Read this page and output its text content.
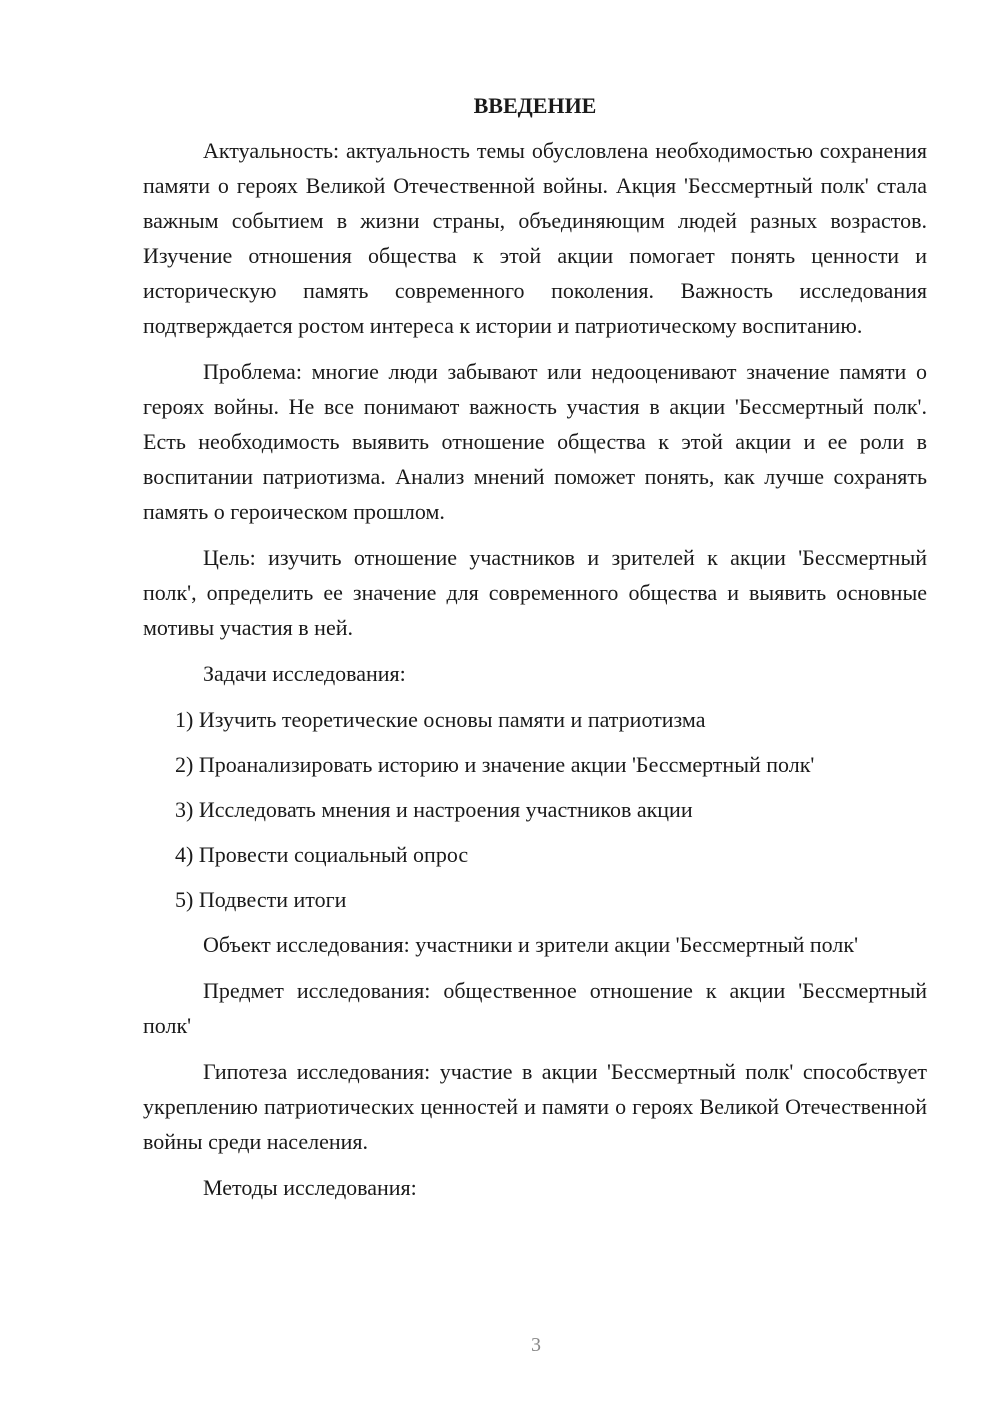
ВВЕДЕНИЕ

Актуальность: актуальность темы обусловлена необходимостью сохранения памяти о героях Великой Отечественной войны. Акция 'Бессмертный полк' стала важным событием в жизни страны, объединяющим людей разных возрастов. Изучение отношения общества к этой акции помогает понять ценности и историческую память современного поколения. Важность исследования подтверждается ростом интереса к истории и патриотическому воспитанию.

Проблема: многие люди забывают или недооценивают значение памяти о героях войны. Не все понимают важность участия в акции 'Бессмертный полк'. Есть необходимость выявить отношение общества к этой акции и ее роли в воспитании патриотизма. Анализ мнений поможет понять, как лучше сохранять память о героическом прошлом.

Цель: изучить отношение участников и зрителей к акции 'Бессмертный полк', определить ее значение для современного общества и выявить основные мотивы участия в ней.

Задачи исследования:

1) Изучить теоретические основы памяти и патриотизма

2) Проанализировать историю и значение акции 'Бессмертный полк'

3) Исследовать мнения и настроения участников акции

4) Провести социальный опрос

5) Подвести итоги

Объект исследования: участники и зрители акции 'Бессмертный полк'

Предмет исследования: общественное отношение к акции 'Бессмертный полк'

Гипотеза исследования: участие в акции 'Бессмертный полк' способствует укреплению патриотических ценностей и памяти о героях Великой Отечественной войны среди населения.

Методы исследования:

3
